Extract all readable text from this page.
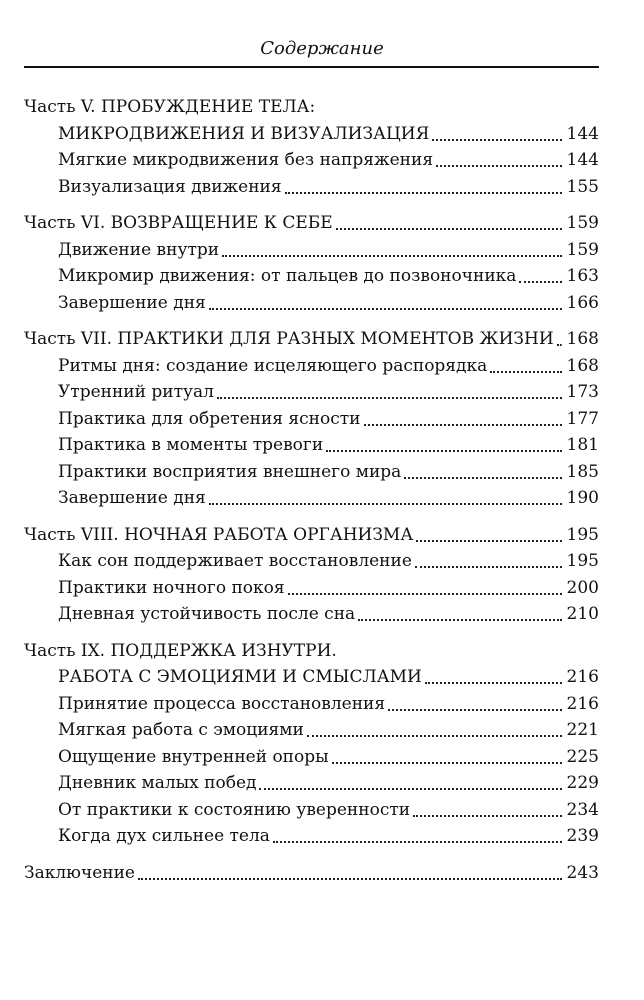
Содержание
Часть V. ПРОБУЖДЕНИЕ ТЕЛА:
МИКРОДВИЖЕНИЯ И ВИЗУАЛИЗАЦИЯ	144
Мягкие микродвижения без напряжения	144
Визуализация движения	155
Часть VI. ВОЗВРАЩЕНИЕ К СЕБЕ	159
Движение внутри	159
Микромир движения: от пальцев до позвоночника	163
Завершение дня	166
Часть VII. ПРАКТИКИ ДЛЯ РАЗНЫХ МОМЕНТОВ ЖИЗНИ 168
Ритмы дня: создание исцеляющего распорядка	168
Утренний ритуал	173
Практика для обретения ясности	177
Практика в моменты тревоги	181
Практики восприятия внешнего мира	185
Завершение дня	190
Часть VIII. НОЧНАЯ РАБОТА ОРГАНИЗМА	195
Как сон поддерживает восстановление	195
Практики ночного покоя	200
Дневная устойчивость после сна	210
Часть IX. ПОДДЕРЖКА ИЗНУТРИ.
РАБОТА С ЭМОЦИЯМИ И СМЫСЛАМИ	216
Принятие процесса восстановления	216
Мягкая работа с эмоциями	221
Ощущение внутренней опоры	225
Дневник малых побед	229
От практики к состоянию уверенности	234
Когда дух сильнее тела	239
Заключение	243
